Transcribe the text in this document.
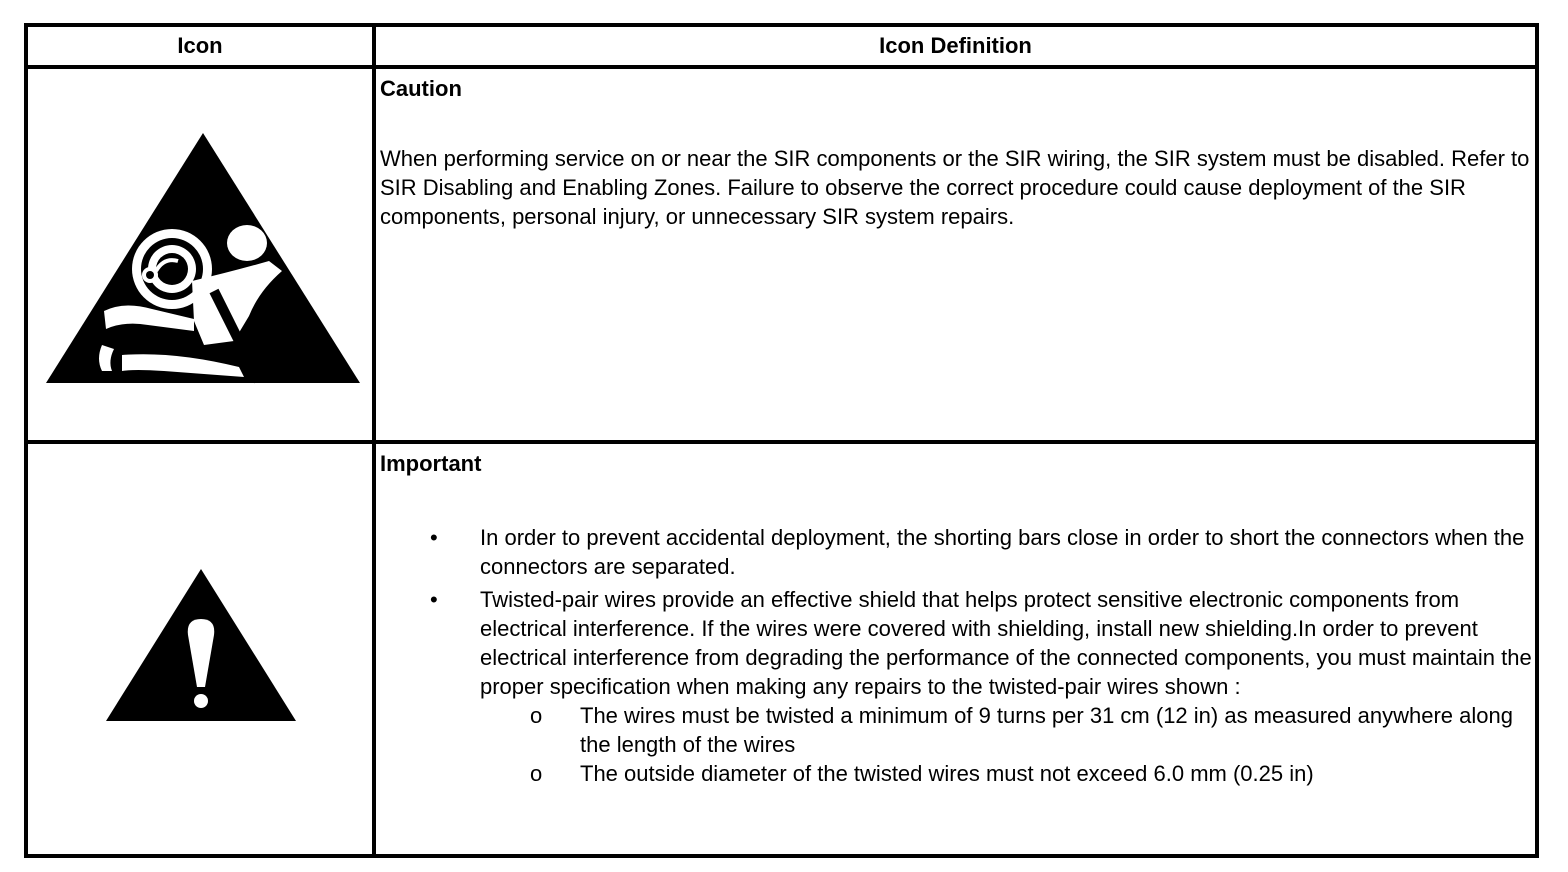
Icon	Icon Definition
Caution

When performing service on or near the SIR components or the SIR wiring, the SIR system must be disabled. Refer to SIR Disabling and Enabling Zones. Failure to observe the correct procedure could cause deployment of the SIR components, personal injury, or unnecessary SIR system repairs.

Important
• In order to prevent accidental deployment, the shorting bars close in order to short the connectors when the connectors are separated.
• Twisted-pair wires provide an effective shield that helps protect sensitive electronic components from electrical interference. If the wires were covered with shielding, install new shielding.In order to prevent electrical interference from degrading the performance of the connected components, you must maintain the proper specification when making any repairs to the twisted-pair wires shown :
o The wires must be twisted a minimum of 9 turns per 31 cm (12 in) as measured anywhere along the length of the wires
o The outside diameter of the twisted wires must not exceed 6.0 mm (0.25 in)
